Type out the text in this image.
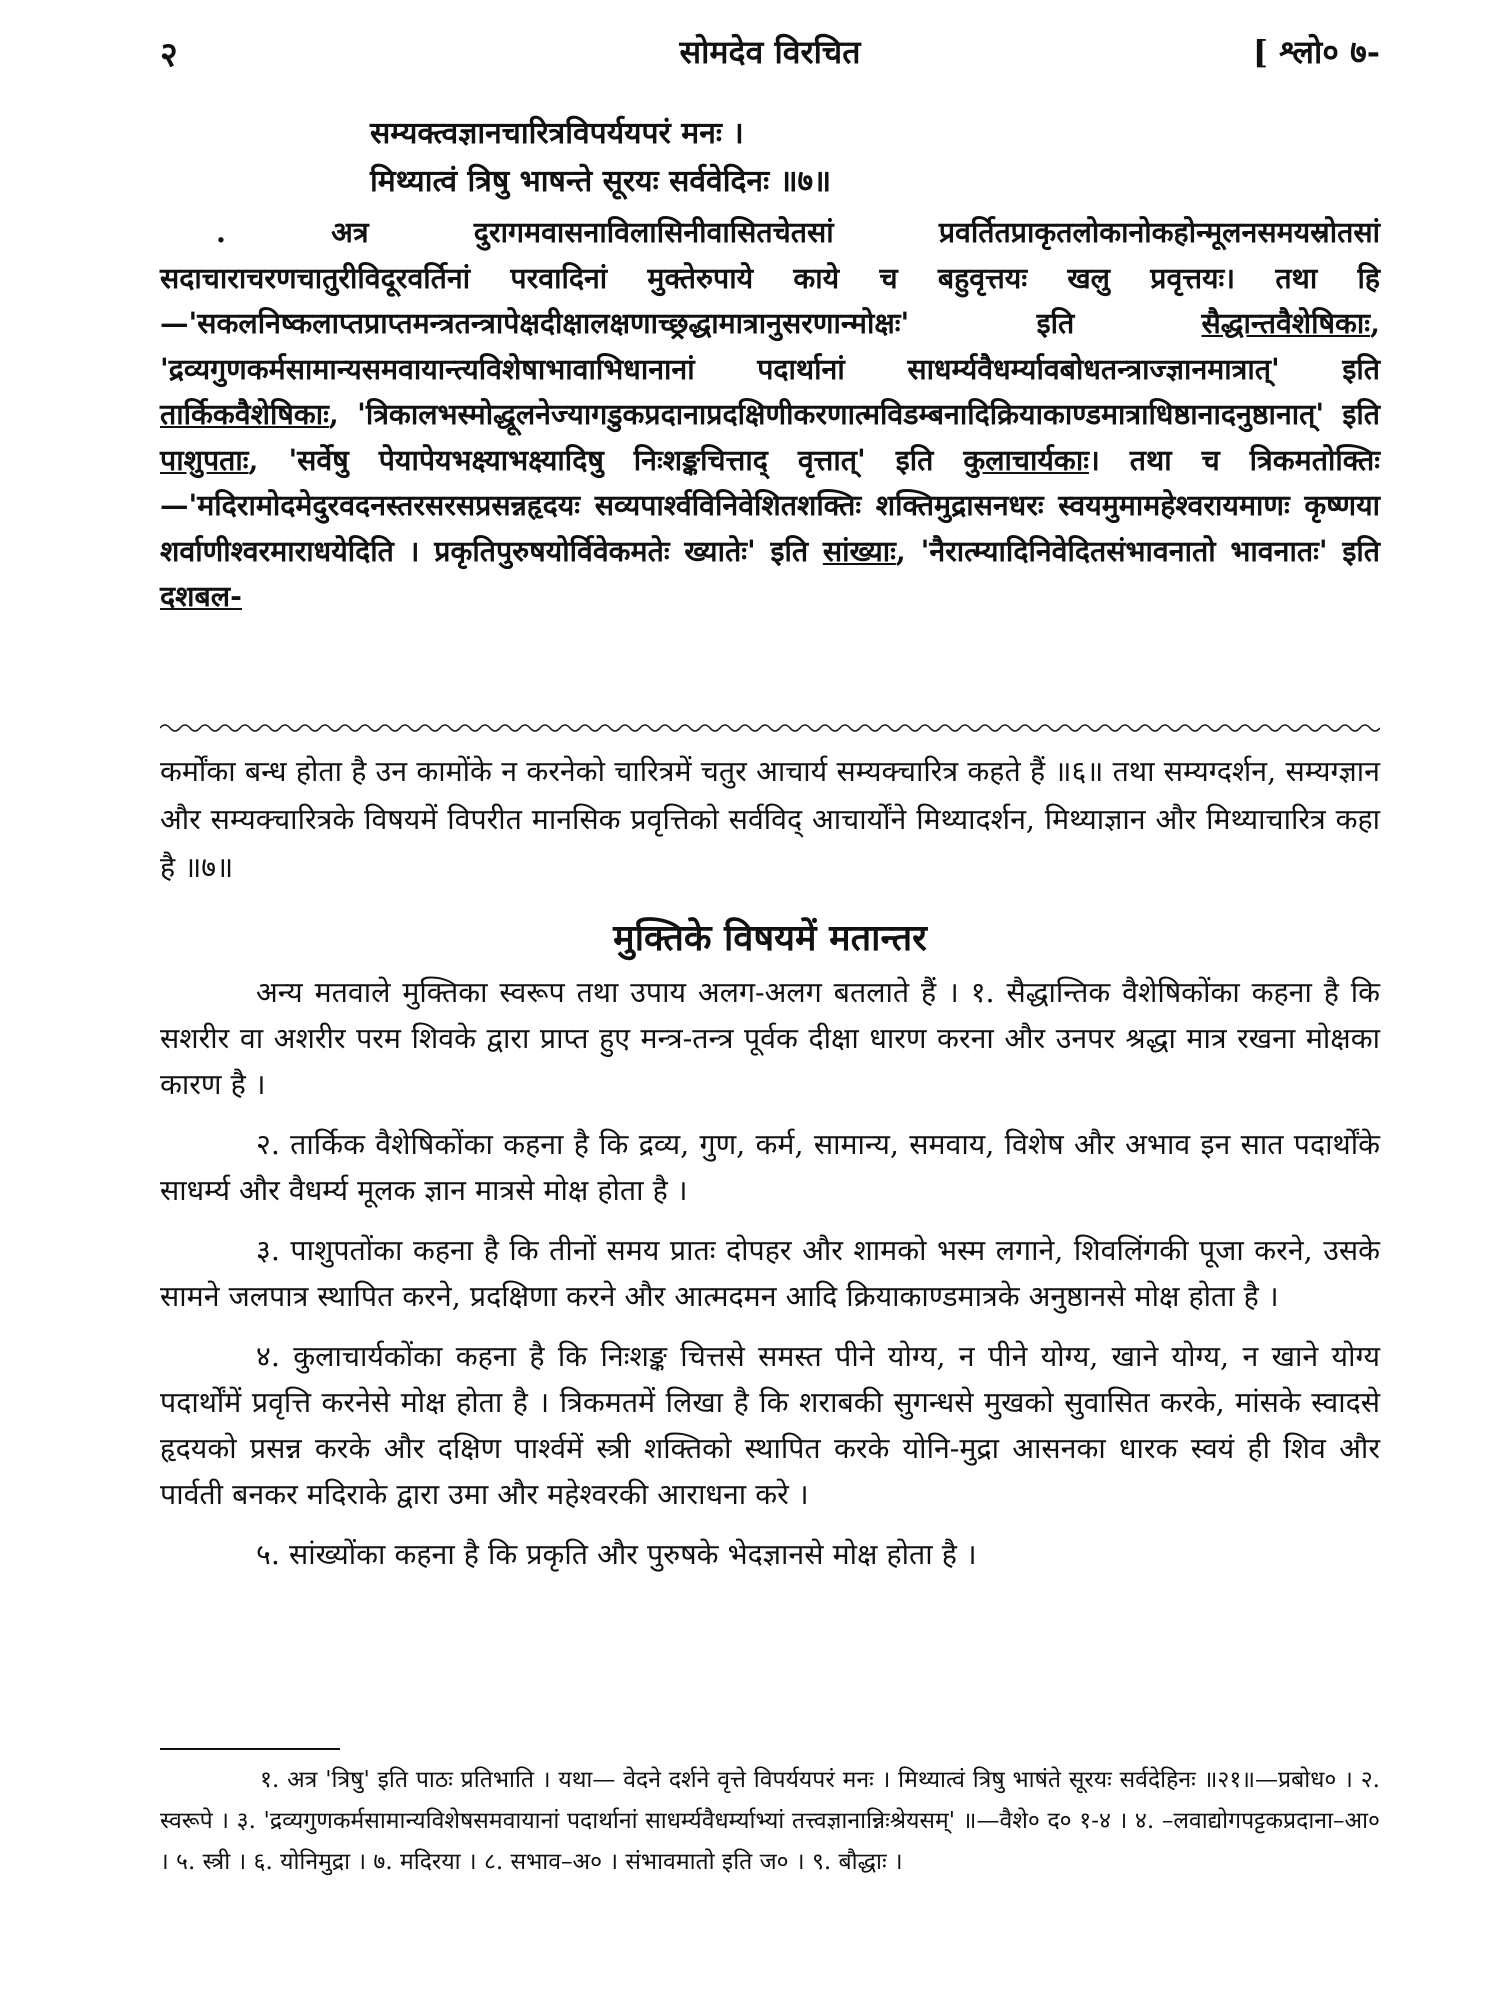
२	सोमदेव विरचित	[ श्लो० ७-
सम्यक्त्वज्ञानचारित्रविपर्ययपरं मनः ।
मिथ्यात्वं त्रिषु भाषन्ते सूरयः सर्ववेदिनः ॥७॥

. अत्र दुरागमवासनाविलासिनीवासितचेतसां प्रवर्तितप्राकृतलोकानोकहोन्मूलनसमयस्रोतसां सदाचाराचरणचातुरीविदूरवर्तिनां परवादिनां मुक्तेरुपाये काये च बहुवृत्तयः खलु प्रवृत्तयः। तथा हि—'सकलनिष्कलाप्तप्राप्तमन्त्रतन्त्रापेक्षदीक्षालक्षणाच्छ्रद्धामात्रानुसरणान्मोक्षः' इति सैद्धान्तवैशेषिकाः, 'द्रव्यगुणकर्मसामान्यसमवायान्त्यविशेषाभावाभिधानानां पदार्थानां साधर्म्यवैधर्म्यावबोधतन्त्राज्ज्ञानमात्रात्' इति तार्किकवैशेषिकाः, 'त्रिकालभस्मोद्धूलनेज्यागडुकप्रदानाप्रदक्षिणीकरणात्मविडम्बनादिक्रियाकाण्डमात्राधिष्ठानादनुष्ठानात्' इति पाशुपताः, 'सर्वेषु पेयापेयभक्ष्याभक्ष्यादिषु निःशङ्कचित्ताद् वृत्तात्' इति कुलाचार्यकाः। तथा च त्रिकमतोक्तिः—'मदिरामोदमेदुरवदनस्तरसरसप्रसन्नहृदयः सव्यपार्श्वविनिवेशितशक्तिः शक्तिमुद्रासनधरः स्वयमुमामहेश्वरायमाणः कृष्णया शर्वाणीश्वरमाराधयेदिति । प्रकृतिपुरुषयोर्विवेकमतेः ख्यातेः' इति सांख्याः, 'नैरात्म्यादिनिवेदितसंभावनातो भावनातः' इति दशबल-

कर्मोंका बन्ध होता है उन कामोंके न करनेको चारित्रमें चतुर आचार्य सम्यक्चारित्र कहते हैं ॥६॥ तथा सम्यग्दर्शन, सम्यग्ज्ञान और सम्यक्चारित्रके विषयमें विपरीत मानसिक प्रवृत्तिको सर्वविद् आचार्योंने मिथ्यादर्शन, मिथ्याज्ञान और मिथ्याचारित्र कहा है ॥७॥

मुक्तिके विषयमें मतान्तर

अन्य मतवाले मुक्तिका स्वरूप तथा उपाय अलग-अलग बतलाते हैं । १. सैद्धान्तिक वैशेषिकोंका कहना है कि सशरीर वा अशरीर परम शिवके द्वारा प्राप्त हुए मन्त्र-तन्त्र पूर्वक दीक्षा धारण करना और उनपर श्रद्धा मात्र रखना मोक्षका कारण है ।

२. तार्किक वैशेषिकोंका कहना है कि द्रव्य, गुण, कर्म, सामान्य, समवाय, विशेष और अभाव इन सात पदार्थोंके साधर्म्य और वैधर्म्य मूलक ज्ञान मात्रसे मोक्ष होता है ।

३. पाशुपतोंका कहना है कि तीनों समय प्रातः दोपहर और शामको भस्म लगाने, शिवलिंगकी पूजा करने, उसके सामने जलपात्र स्थापित करने, प्रदक्षिणा करने और आत्मदमन आदि क्रियाकाण्डमात्रके अनुष्ठानसे मोक्ष होता है ।

४. कुलाचार्यकोंका कहना है कि निःशङ्क चित्तसे समस्त पीने योग्य, न पीने योग्य, खाने योग्य, न खाने योग्य पदार्थोंमें प्रवृत्ति करनेसे मोक्ष होता है । त्रिकमतमें लिखा है कि शराबकी सुगन्धसे मुखको सुवासित करके, मांसके स्वादसे हृदयको प्रसन्न करके और दक्षिण पार्श्वमें स्त्री शक्तिको स्थापित करके योनि-मुद्रा आसनका धारक स्वयं ही शिव और पार्वती बनकर मदिराके द्वारा उमा और महेश्वरकी आराधना करे ।

५. सांख्योंका कहना है कि प्रकृति और पुरुषके भेदज्ञानसे मोक्ष होता है ।

१. अत्र 'त्रिषु' इति पाठः प्रतिभाति । यथा— वेदने दर्शने वृत्ते विपर्ययपरं मनः । मिथ्यात्वं त्रिषु भाषंते सूरयः सर्वदेहिनः ॥२१॥—प्रबोध० । २. स्वरूपे । ३. 'द्रव्यगुणकर्मसामान्यविशेषसमवायानां पदार्थानां साधर्म्यवैधर्म्याभ्यां तत्त्वज्ञानान्निःश्रेयसम्' ॥—वैशे० द० १-४ । ४. –लवाद्योगपट्टकप्रदाना–आ० । ५. स्त्री । ६. योनिमुद्रा । ७. मदिरया । ८. सभाव–अ० । संभावमातो इति ज० । ९. बौद्धाः ।
